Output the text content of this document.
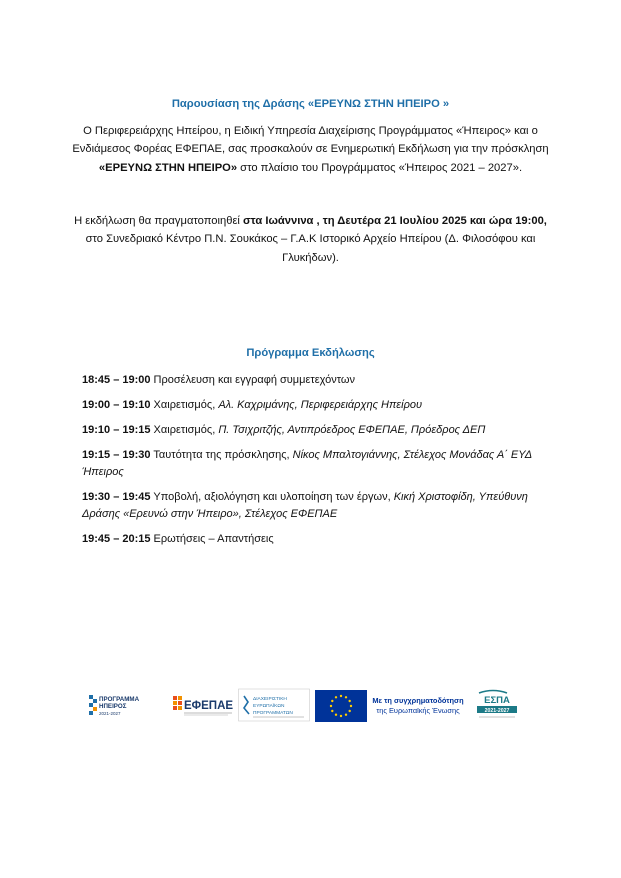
Παρουσίαση της Δράσης «ΕΡΕΥΝΩ ΣΤΗΝ ΗΠΕΙΡΟ »
Ο Περιφερειάρχης Ηπείρου, η Ειδική Υπηρεσία Διαχείρισης Προγράμματος «Ήπειρος» και ο Ενδιάμεσος Φορέας ΕΦΕΠΑΕ, σας προσκαλούν σε Ενημερωτική Εκδήλωση για την πρόσκληση «ΕΡΕΥΝΩ ΣΤΗΝ ΗΠΕΙΡΟ» στο πλαίσιο του Προγράμματος «Ήπειρος 2021 – 2027».
Η εκδήλωση θα πραγματοποιηθεί στα Ιωάννινα , τη Δευτέρα 21 Ιουλίου 2025 και ώρα 19:00, στο Συνεδριακό Κέντρο Π.Ν. Σουκάκος – Γ.Α.Κ Ιστορικό Αρχείο Ηπείρου (Δ. Φιλοσόφου και Γλυκήδων).
Πρόγραμμα Εκδήλωσης
18:45 – 19:00 Προσέλευση και εγγραφή συμμετεχόντων
19:00 – 19:10 Χαιρετισμός, Αλ. Καχριμάνης, Περιφερειάρχης Ηπείρου
19:10 – 19:15 Χαιρετισμός, Π. Τσιχριτζής, Αντιπρόεδρος ΕΦΕΠΑΕ, Πρόεδρος ΔΕΠ
19:15 – 19:30 Ταυτότητα της πρόσκλησης, Νίκος Μπαλτογιάννης, Στέλεχος Μονάδας Α΄ ΕΥΔ Ήπειρος
19:30 – 19:45 Υποβολή, αξιολόγηση και υλοποίηση των έργων, Κική Χριστοφίδη, Υπεύθυνη Δράσης «Ερευνώ στην Ήπειρο», Στέλεχος ΕΦΕΠΑΕ
19:45 – 20:15 Ερωτήσεις – Απαντήσεις
ΠΡΟΓΡΑΜΜΑ
ΗΠΕΙΡΟΣ
2021-2027
ΕΦΕΠΑΕ
ΔΙΑΧΕΙΡΙΣΤΙΚΗ
ΕΥΡΩΠΑΪΚΩΝ
ΠΡΟΓΡΑΜΜΑΤΩΝ
Με τη συγχρηματοδότηση
της Ευρωπαϊκής Ένωσης
ΕΣΠΑ
2021-2027
